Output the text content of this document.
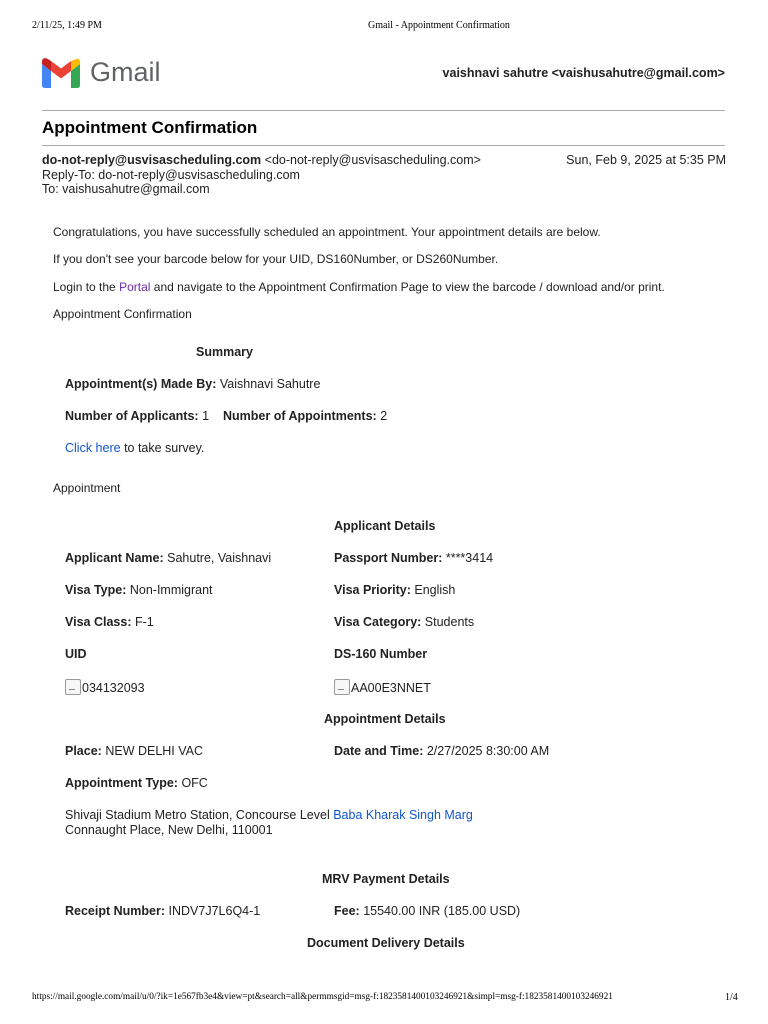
2/11/25, 1:49 PM	Gmail - Appointment Confirmation
Gmail	vaishnavi sahutre <vaishusahutre@gmail.com>
Appointment Confirmation
do-not-reply@usvisascheduling.com <do-not-reply@usvisascheduling.com>	Sun, Feb 9, 2025 at 5:35 PM
Reply-To: do-not-reply@usvisascheduling.com
To: vaishusahutre@gmail.com
Congratulations, you have successfully scheduled an appointment. Your appointment details are below.
If you don't see your barcode below for your UID, DS160Number, or DS260Number.
Login to the Portal and navigate to the Appointment Confirmation Page to view the barcode / download and/or print.
Appointment Confirmation
Summary
Appointment(s) Made By: Vaishnavi Sahutre
Number of Applicants: 1 Number of Appointments: 2
Click here to take survey.
Appointment
Applicant Details
Applicant Name: Sahutre, Vaishnavi	Passport Number: ****3414
Visa Type: Non-Immigrant	Visa Priority: English
Visa Class: F-1	Visa Category: Students
UID	DS-160 Number
034132093	AA00E3NNET
Appointment Details
Place: NEW DELHI VAC	Date and Time: 2/27/2025 8:30:00 AM
Appointment Type: OFC
Shivaji Stadium Metro Station, Concourse Level Baba Kharak Singh Marg
Connaught Place, New Delhi, 110001
MRV Payment Details
Receipt Number: INDV7J7L6Q4-1	Fee: 15540.00 INR (185.00 USD)
Document Delivery Details
https://mail.google.com/mail/u/0/?ik=1e567fb3e4&view=pt&search=all&permmsgid=msg-f:1823581400103246921&simpl=msg-f:1823581400103246921	1/4
